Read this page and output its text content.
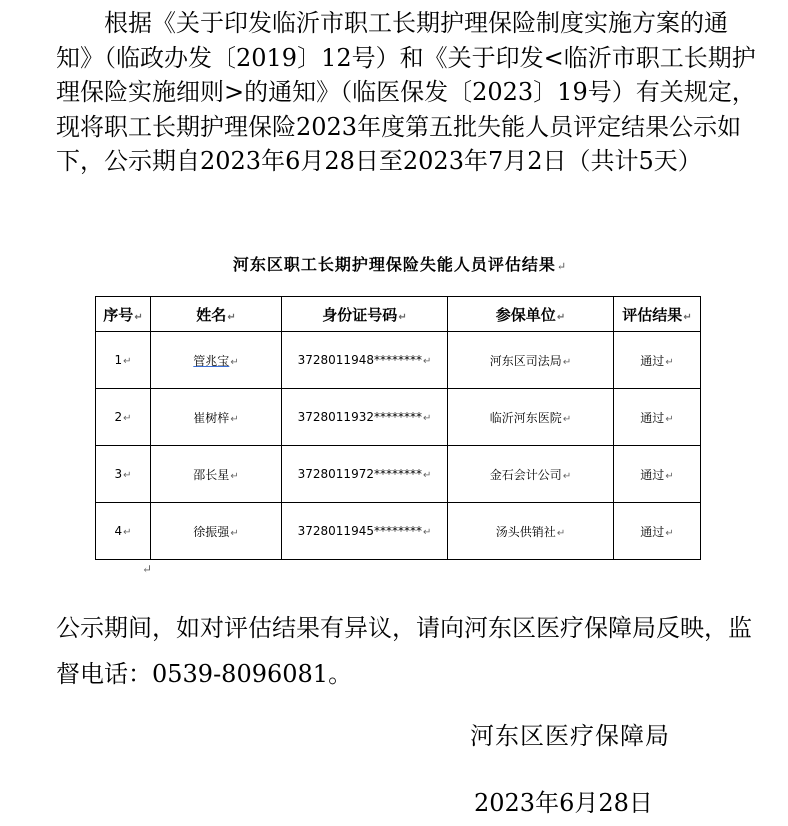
根据《关于印发临沂市职工长期护理保险制度实施方案的通知》（临政办发〔2019〕12号）和《关于印发<临沂市职工长期护理保险实施细则>的通知》（临医保发〔2023〕19号）有关规定，现将职工长期护理保险2023年度第五批失能人员评定结果公示如下，公示期自2023年6月28日至2023年7月2日（共计5天）

河东区职工长期护理保险失能人员评估结果↵
序号↵	姓名↵	身份证号码↵	参保单位↵	评估结果↵
1↵	管兆宝↵	3728011948********↵	河东区司法局↵	通过↵
2↵	崔树梓↵	3728011932********↵	临沂河东医院↵	通过↵
3↵	邵长星↵	3728011972********↵	金石会计公司↵	通过↵
4↵	徐振强↵	3728011945********↵	汤头供销社↵	通过↵
↵

公示期间，如对评估结果有异议，请向河东区医疗保障局反映，监督电话：0539-8096081。

河东区医疗保障局
2023年6月28日
